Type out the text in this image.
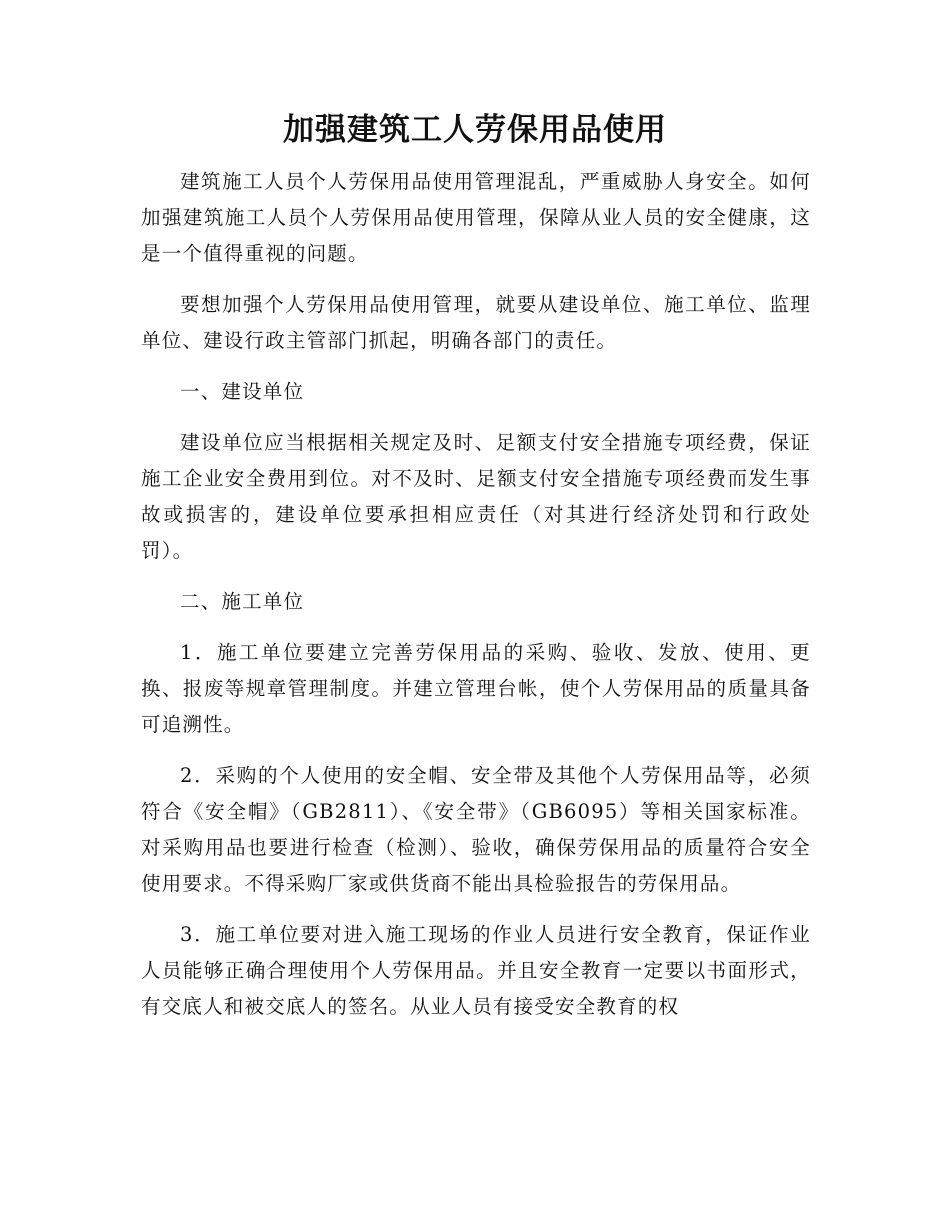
加强建筑工人劳保用品使用

建筑施工人员个人劳保用品使用管理混乱，严重威胁人身安全。如何加强建筑施工人员个人劳保用品使用管理，保障从业人员的安全健康，这是一个值得重视的问题。

要想加强个人劳保用品使用管理，就要从建设单位、施工单位、监理单位、建设行政主管部门抓起，明确各部门的责任。

一、建设单位

建设单位应当根据相关规定及时、足额支付安全措施专项经费，保证施工企业安全费用到位。对不及时、足额支付安全措施专项经费而发生事故或损害的，建设单位要承担相应责任（对其进行经济处罚和行政处罚）。

二、施工单位

1．施工单位要建立完善劳保用品的采购、验收、发放、使用、更换、报废等规章管理制度。并建立管理台帐，使个人劳保用品的质量具备可追溯性。

2．采购的个人使用的安全帽、安全带及其他个人劳保用品等，必须符合《安全帽》（GB2811）、《安全带》（GB6095）等相关国家标准。对采购用品也要进行检查（检测）、验收，确保劳保用品的质量符合安全使用要求。不得采购厂家或供货商不能出具检验报告的劳保用品。

3．施工单位要对进入施工现场的作业人员进行安全教育，保证作业人员能够正确合理使用个人劳保用品。并且安全教育一定要以书面形式，有交底人和被交底人的签名。从业人员有接受安全教育的权
